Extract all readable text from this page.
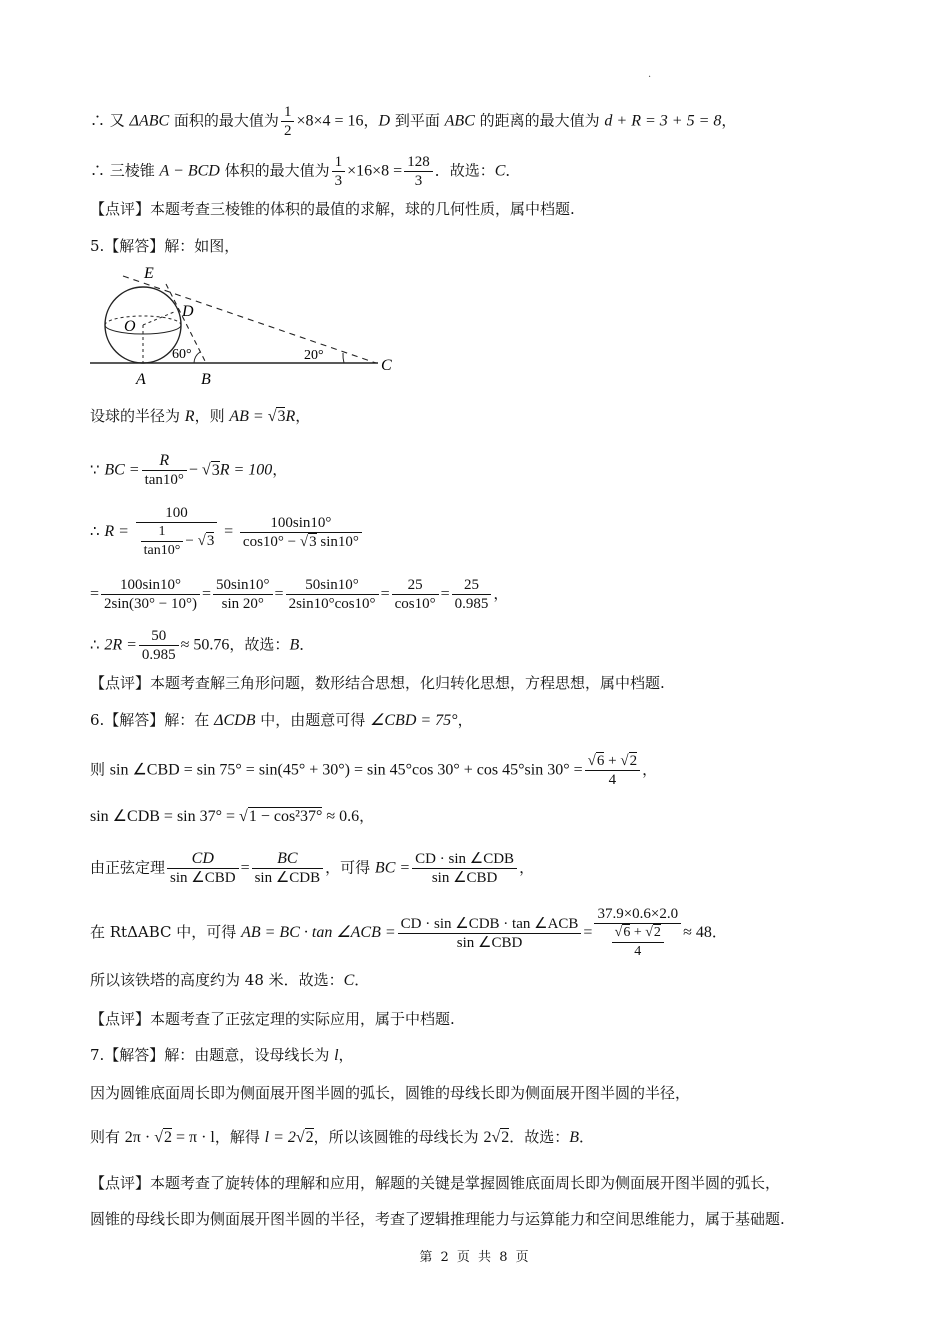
·
∴ 又 ΔABC 面积的最大值为 $\frac{1}{2} \times 8\times 4 = 16$，D 到平面 ABC 的距离的最大值为 d + R = 3 + 5 = 8，
∴ 三棱锥 A − BCD 体积的最大值为 $\frac{1}{3} \times 16\times 8 = \frac{128}{3}$ ．故选：C．
【点评】本题考查三棱锥的体积的最值的求解，球的几何性质，属中档题.
5.【解答】解：如图，
E
D
O
A	B
C
60°	20°
设球的半径为 R，则 AB = √3R，
∵ BC = $\frac{R}{\tan 10^\circ} - √3R = 100$，
∴ $R = \frac{100}{\frac{1}{\tan 10^\circ} - √3} = \frac{100\sin 10^\circ}{\cos 10^\circ - √3 \sin 10^\circ}$
= $\frac{100\sin 10^\circ}{2\sin(30^\circ - 10^\circ)} = \frac{50\sin 10^\circ}{\sin 20^\circ} = \frac{50\sin 10^\circ}{2\sin 10^\circ\cos 10^\circ} = \frac{25}{\cos 10^\circ} = \frac{25}{0.985}$ ，
∴ $2R = \frac{50}{0.985} \approx 50.76$，故选：B．
【点评】本题考查解三角形问题，数形结合思想，化归转化思想，方程思想，属中档题.
6.【解答】解：在 ΔCDB 中，由题意可得 ∠CBD = 75°，
则 sin ∠CBD = sin 75° = sin(45° + 30°) = sin 45°cos 30° + cos 45°sin $30^\circ = \frac{√6 + √2}{4}$ ，
sin ∠CDB = sin 37° = √1 − cos²37° ≈ 0.6，
由正弦定理 $\frac{CD}{\text{sin ∠CBD}} = \frac{BC}{\text{sin ∠CDB}}$ ，可得 BC = $\frac{\text{CD · sin ∠CDB}}{\text{sin ∠CBD}}$ ，
在 RtΔABC 中，可得 AB = BC · tan ∠ACB = $\frac{\text{CD · sin ∠CDB · tan ∠ACB}}{\text{sin ∠CBD}} = \frac{37.9\times 0.6\times 2.0}{\frac{√6 + √2}{4}} \approx 48$．
所以该铁塔的高度约为 48 米．故选：C．
【点评】本题考查了正弦定理的实际应用，属于中档题.
7.【解答】解：由题意，设母线长为 l，
因为圆锥底面周长即为侧面展开图半圆的弧长，圆锥的母线长即为侧面展开图半圆的半径，
则有 2π · √2 = π · l，解得 l = 2√2，所以该圆锥的母线长为 2√2．故选：B．
【点评】本题考查了旋转体的理解和应用，解题的关键是掌握圆锥底面周长即为侧面展开图半圆的弧长，
圆锥的母线长即为侧面展开图半圆的半径，考查了逻辑推理能力与运算能力和空间思维能力，属于基础题.
第 2 页 共 8 页
